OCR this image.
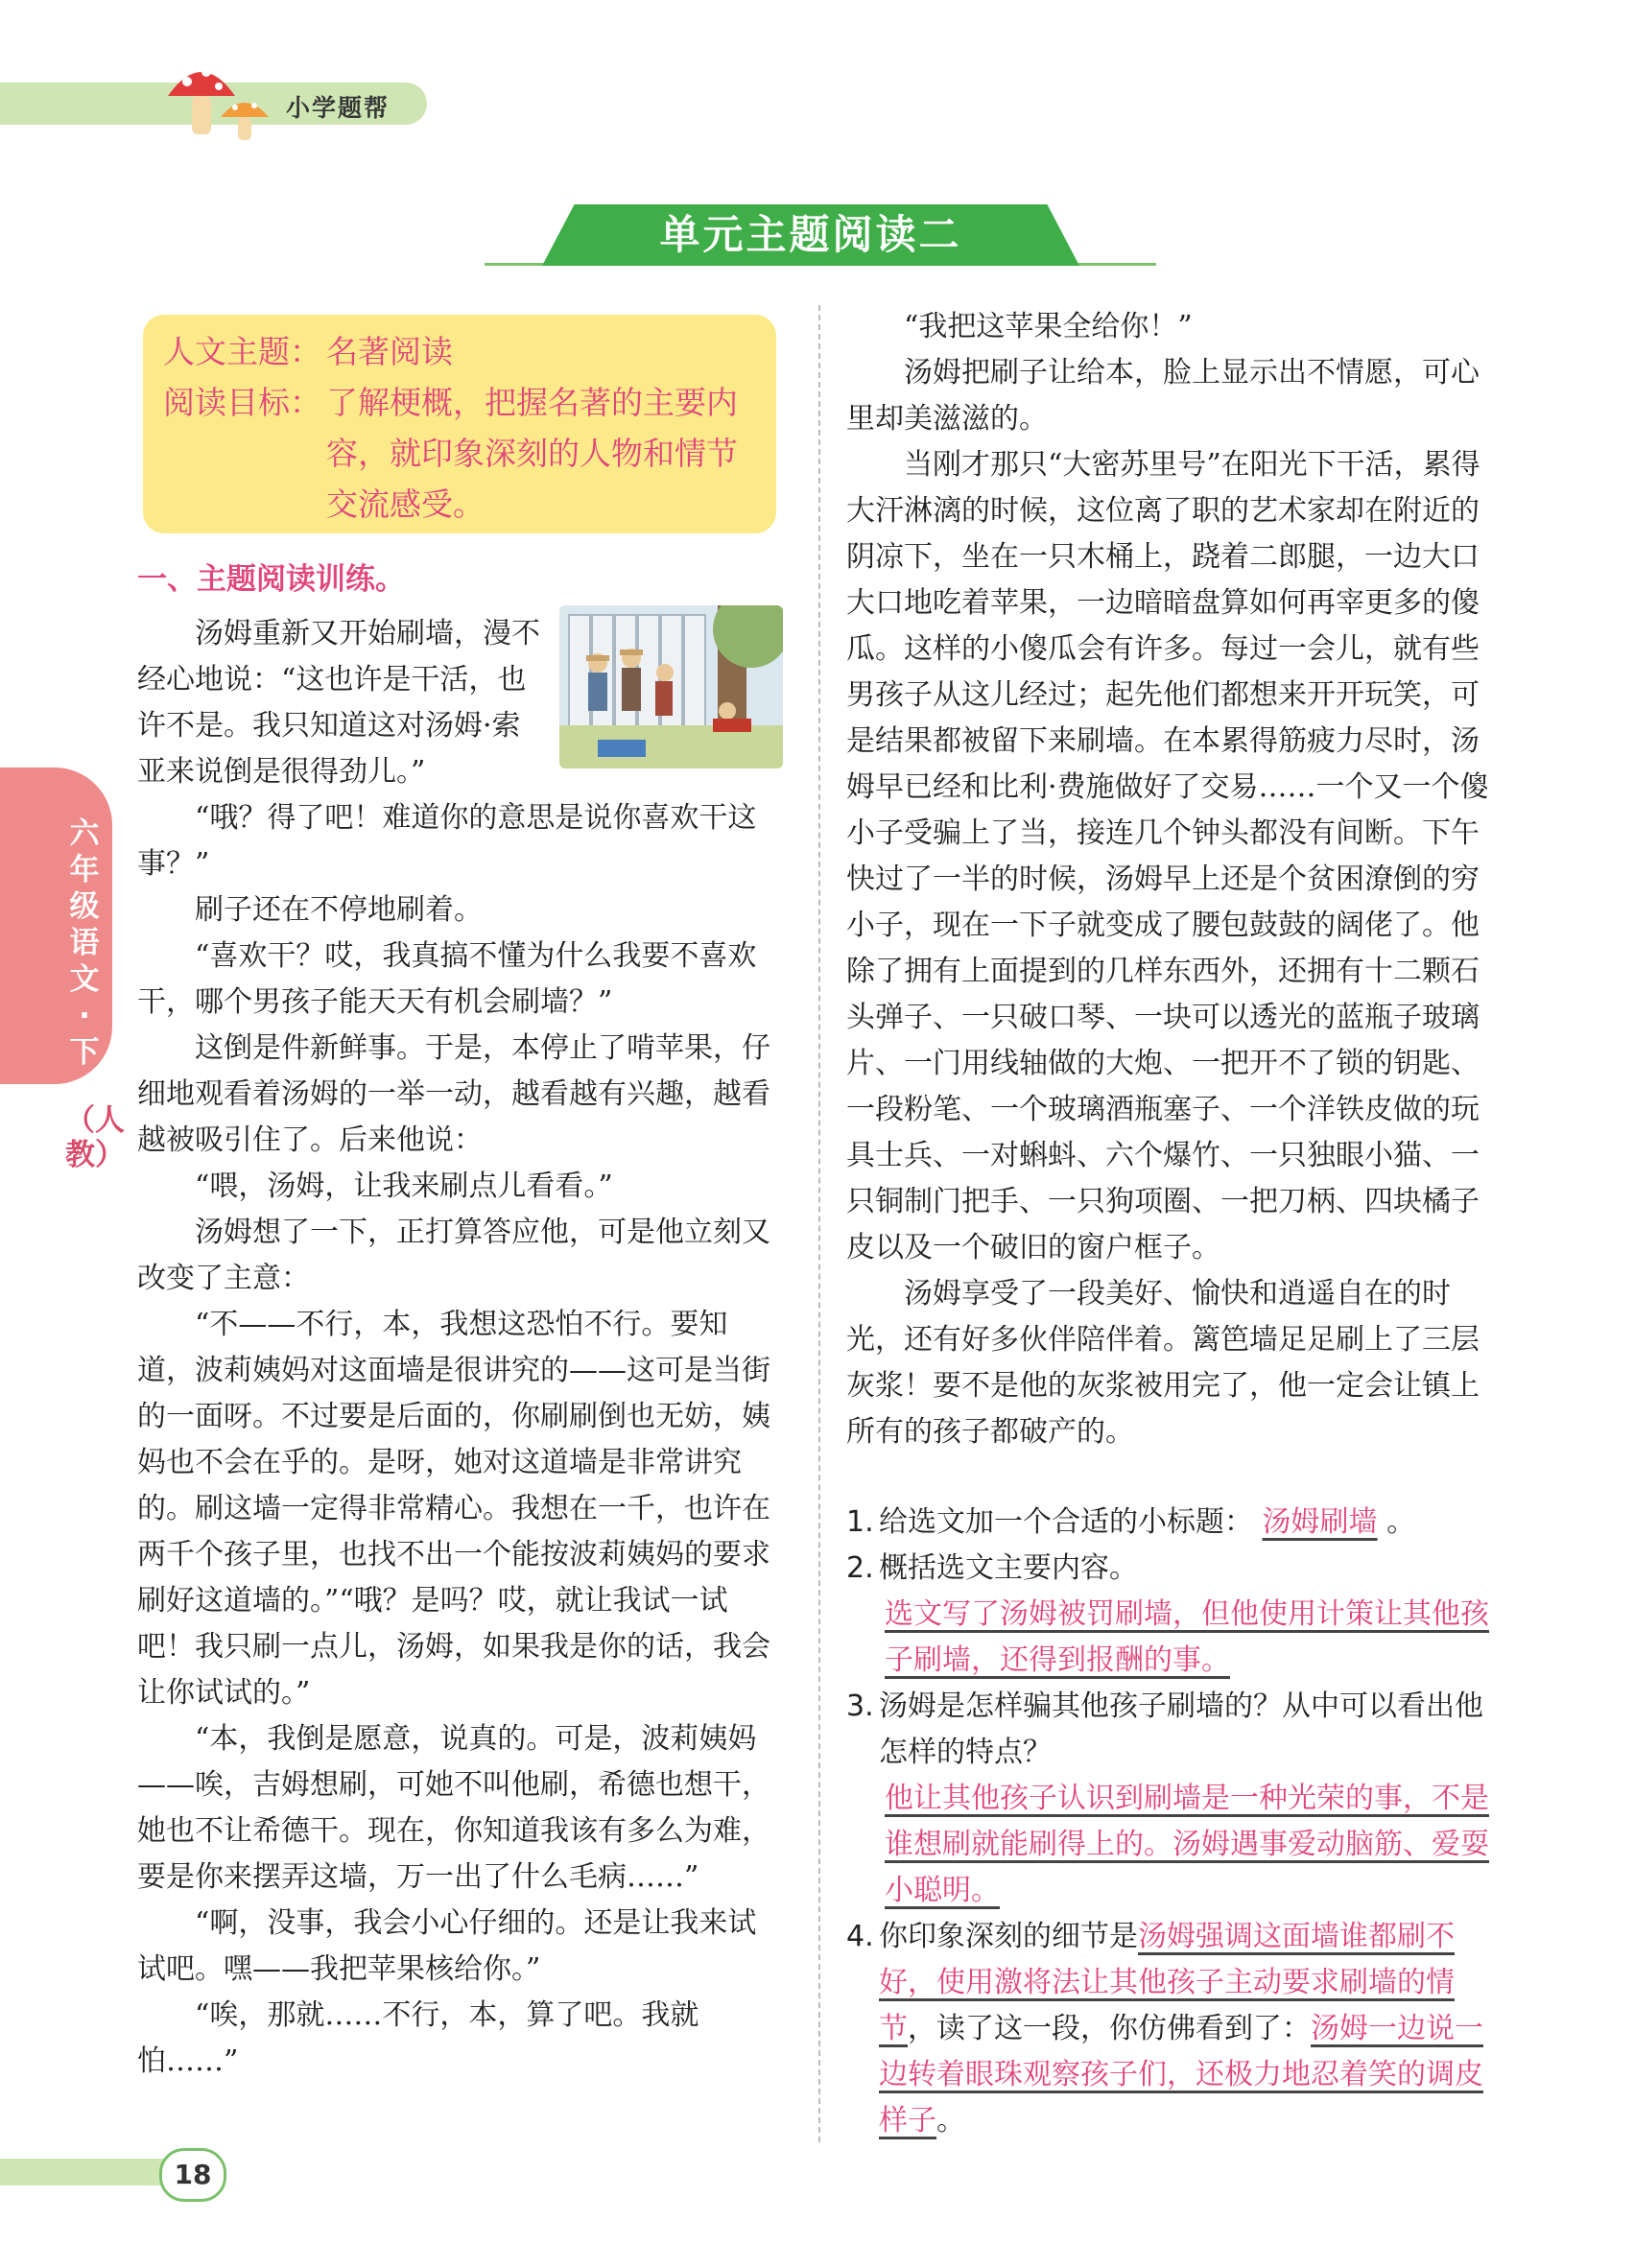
小学题帮
单元主题阅读二
六年级语文·下
（人教）
人文主题： 名著阅读
阅读目标： 了解梗概，把握名著的主要内容，就印象深刻的人物和情节交流感受。
一、主题阅读训练。

汤姆重新又开始刷墙，漫不经心地说：“这也许是干活，也许不是。我只知道这对汤姆·索亚来说倒是很得劲儿。”

“哦？得了吧！难道你的意思是说你喜欢干这事？”

刷子还在不停地刷着。

“喜欢干？哎，我真搞不懂为什么我要不喜欢干，哪个男孩子能天天有机会刷墙？”

这倒是件新鲜事。于是，本停止了啃苹果，仔细地观看着汤姆的一举一动，越看越有兴趣，越看越被吸引住了。后来他说：

“喂，汤姆，让我来刷点儿看看。”

汤姆想了一下，正打算答应他，可是他立刻又改变了主意：

“不——不行，本，我想这恐怕不行。要知道，波莉姨妈对这面墙是很讲究的——这可是当街的一面呀。不过要是后面的，你刷刷倒也无妨，姨妈也不会在乎的。是呀，她对这道墙是非常讲究的。刷这墙一定得非常精心。我想在一千，也许在两千个孩子里，也找不出一个能按波莉姨妈的要求刷好这道墙的。”“哦？是吗？哎，就让我试一试吧！我只刷一点儿，汤姆，如果我是你的话，我会让你试试的。”

“本，我倒是愿意，说真的。可是，波莉姨妈——唉，吉姆想刷，可她不叫他刷，希德也想干，她也不让希德干。现在，你知道我该有多么为难，要是你来摆弄这墙，万一出了什么毛病……”

“啊，没事，我会小心仔细的。还是让我来试试吧。嘿——我把苹果核给你。”

“唉，那就……不行，本，算了吧。我就怕……”

“我把这苹果全给你！”

汤姆把刷子让给本，脸上显示出不情愿，可心里却美滋滋的。

当刚才那只“大密苏里号”在阳光下干活，累得大汗淋漓的时候，这位离了职的艺术家却在附近的阴凉下，坐在一只木桶上，跷着二郎腿，一边大口大口地吃着苹果，一边暗暗盘算如何再宰更多的傻瓜。这样的小傻瓜会有许多。每过一会儿，就有些男孩子从这儿经过；起先他们都想来开开玩笑，可是结果都被留下来刷墙。在本累得筋疲力尽时，汤姆早已经和比利·费施做好了交易……一个又一个傻小子受骗上了当，接连几个钟头都没有间断。下午快过了一半的时候，汤姆早上还是个贫困潦倒的穷小子，现在一下子就变成了腰包鼓鼓的阔佬了。他除了拥有上面提到的几样东西外，还拥有十二颗石头弹子、一只破口琴、一块可以透光的蓝瓶子玻璃片、一门用线轴做的大炮、一把开不了锁的钥匙、一段粉笔、一个玻璃酒瓶塞子、一个洋铁皮做的玩具士兵、一对蝌蚪、六个爆竹、一只独眼小猫、一只铜制门把手、一只狗项圈、一把刀柄、四块橘子皮以及一个破旧的窗户框子。

汤姆享受了一段美好、愉快和逍遥自在的时光，还有好多伙伴陪伴着。篱笆墙足足刷上了三层灰浆！要不是他的灰浆被用完了，他一定会让镇上所有的孩子都破产的。

1. 给选文加一个合适的小标题： 汤姆刷墙 。
2. 概括选文主要内容。
选文写了汤姆被罚刷墙，但他使用计策让其他孩子刷墙，还得到报酬的事。
3. 汤姆是怎样骗其他孩子刷墙的？从中可以看出他怎样的特点？
他让其他孩子认识到刷墙是一种光荣的事，不是谁想刷就能刷得上的。汤姆遇事爱动脑筋、爱耍小聪明。
4. 你印象深刻的细节是汤姆强调这面墙谁都刷不好，使用激将法让其他孩子主动要求刷墙的情节，读了这一段，你仿佛看到了：汤姆一边说一边转着眼珠观察孩子们，还极力地忍着笑的调皮样子。
18
